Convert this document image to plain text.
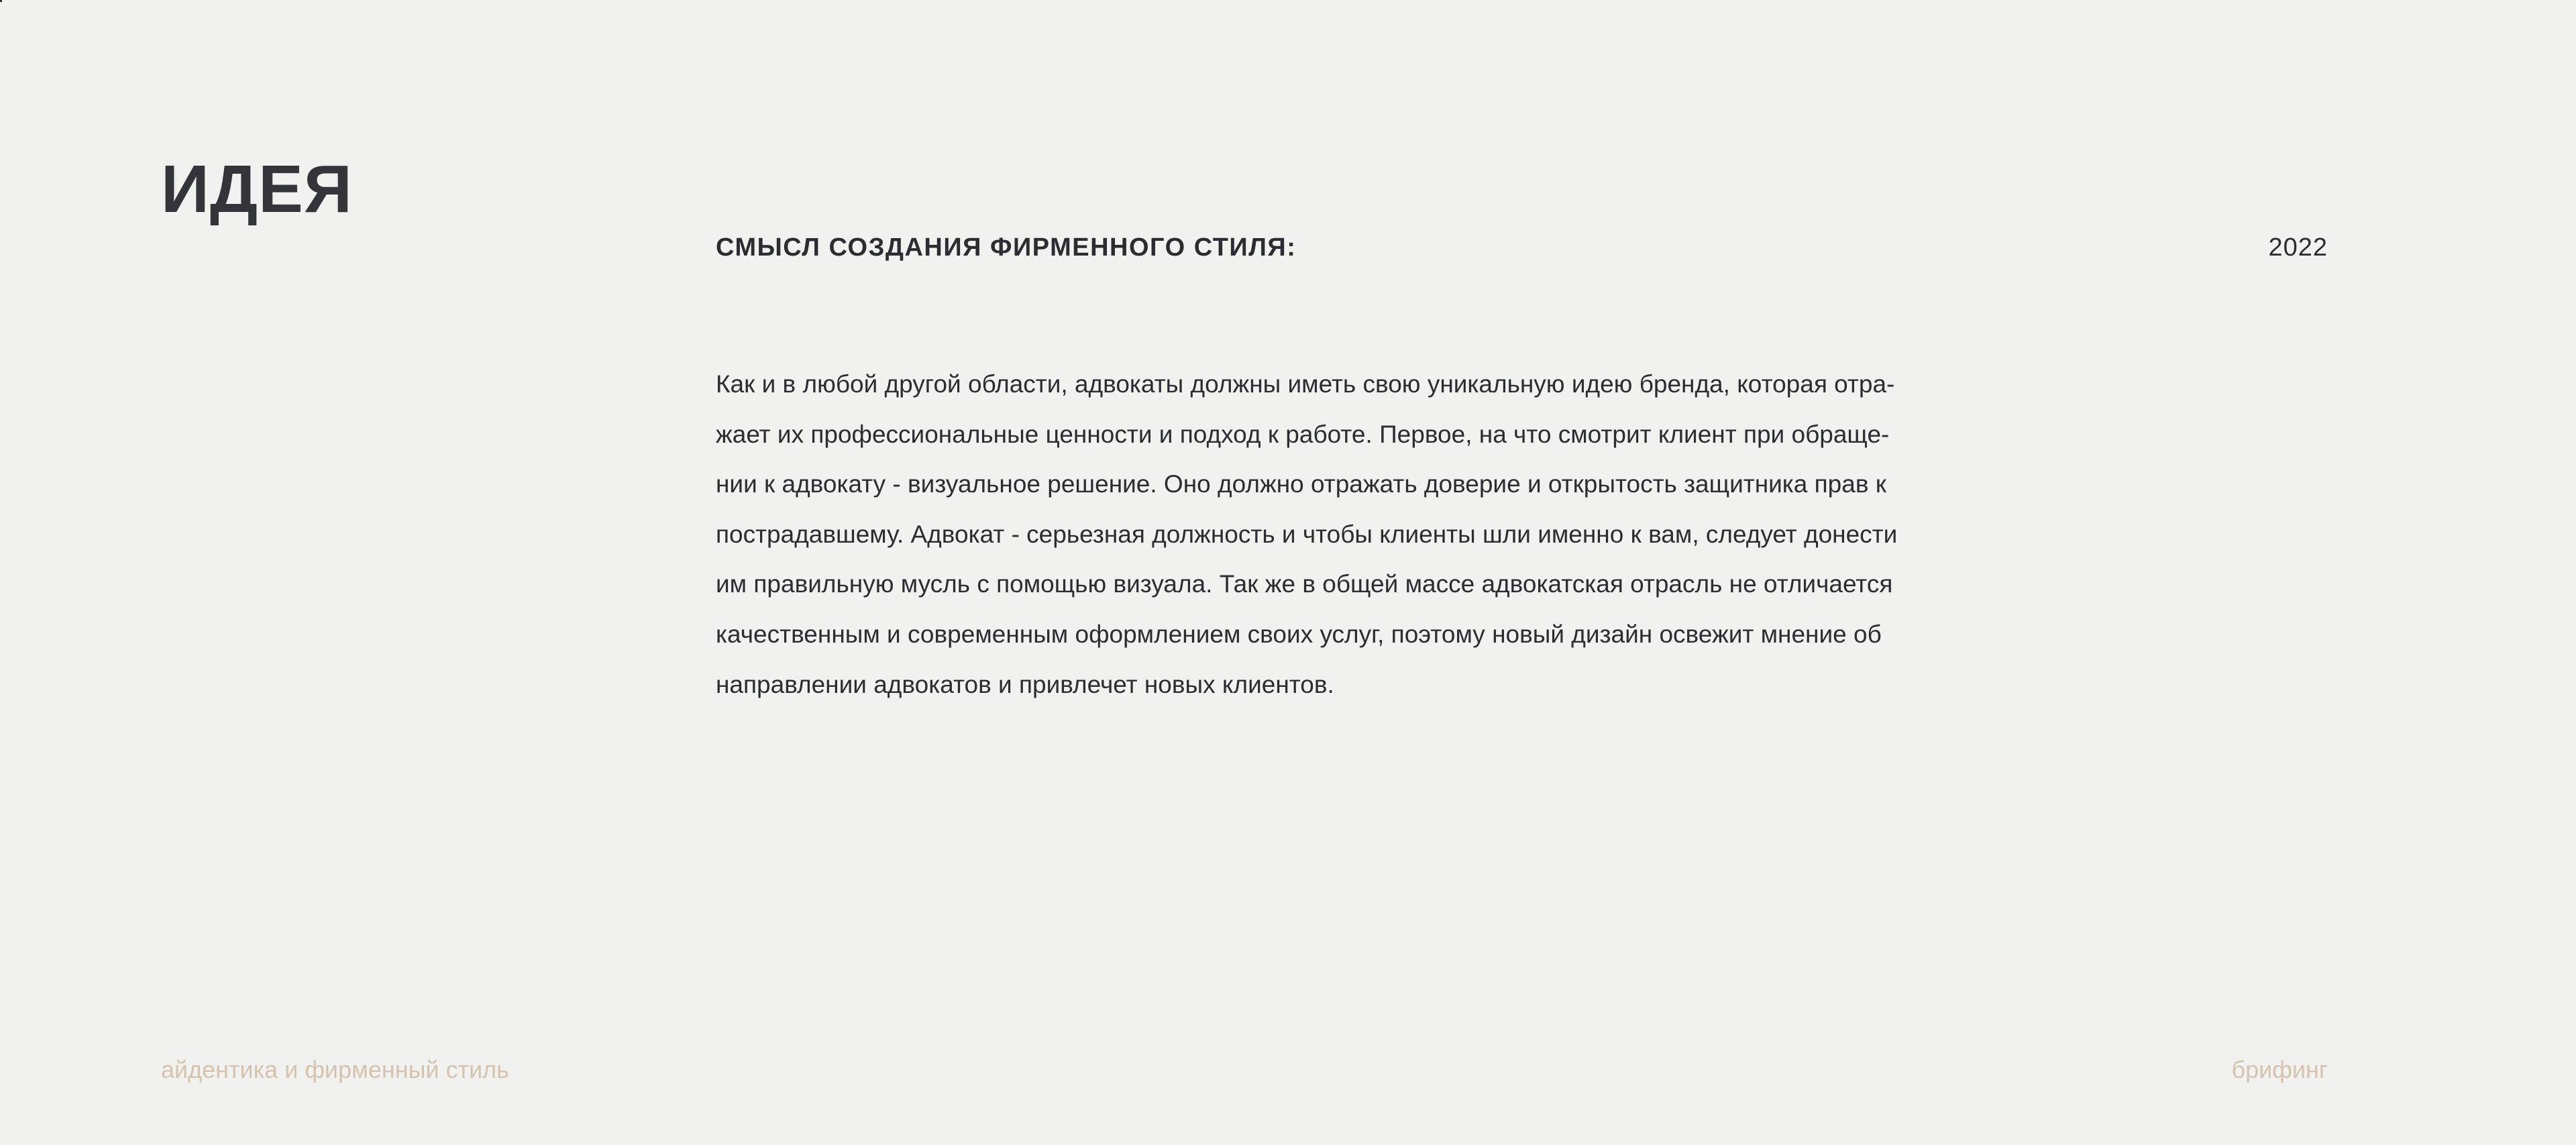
ИДЕЯ
СМЫСЛ СОЗДАНИЯ ФИРМЕННОГО СТИЛЯ:	2022

Как и в любой другой области, адвокаты должны иметь свою уникальную идею бренда, которая отра-
жает их профессиональные ценности и подход к работе. Первое, на что смотрит клиент при обраще-
нии к адвокату - визуальное решение. Оно должно отражать доверие и открытость защитника прав к
пострадавшему. Адвокат - серьезная должность и чтобы клиенты шли именно к вам, следует донести
им правильную мусль с помощью визуала. Так же в общей массе адвокатская отрасль не отличается
качественным и современным оформлением своих услуг, поэтому новый дизайн освежит мнение об
направлении адвокатов и привлечет новых клиентов.

айдентика и фирменный стиль	брифинг
